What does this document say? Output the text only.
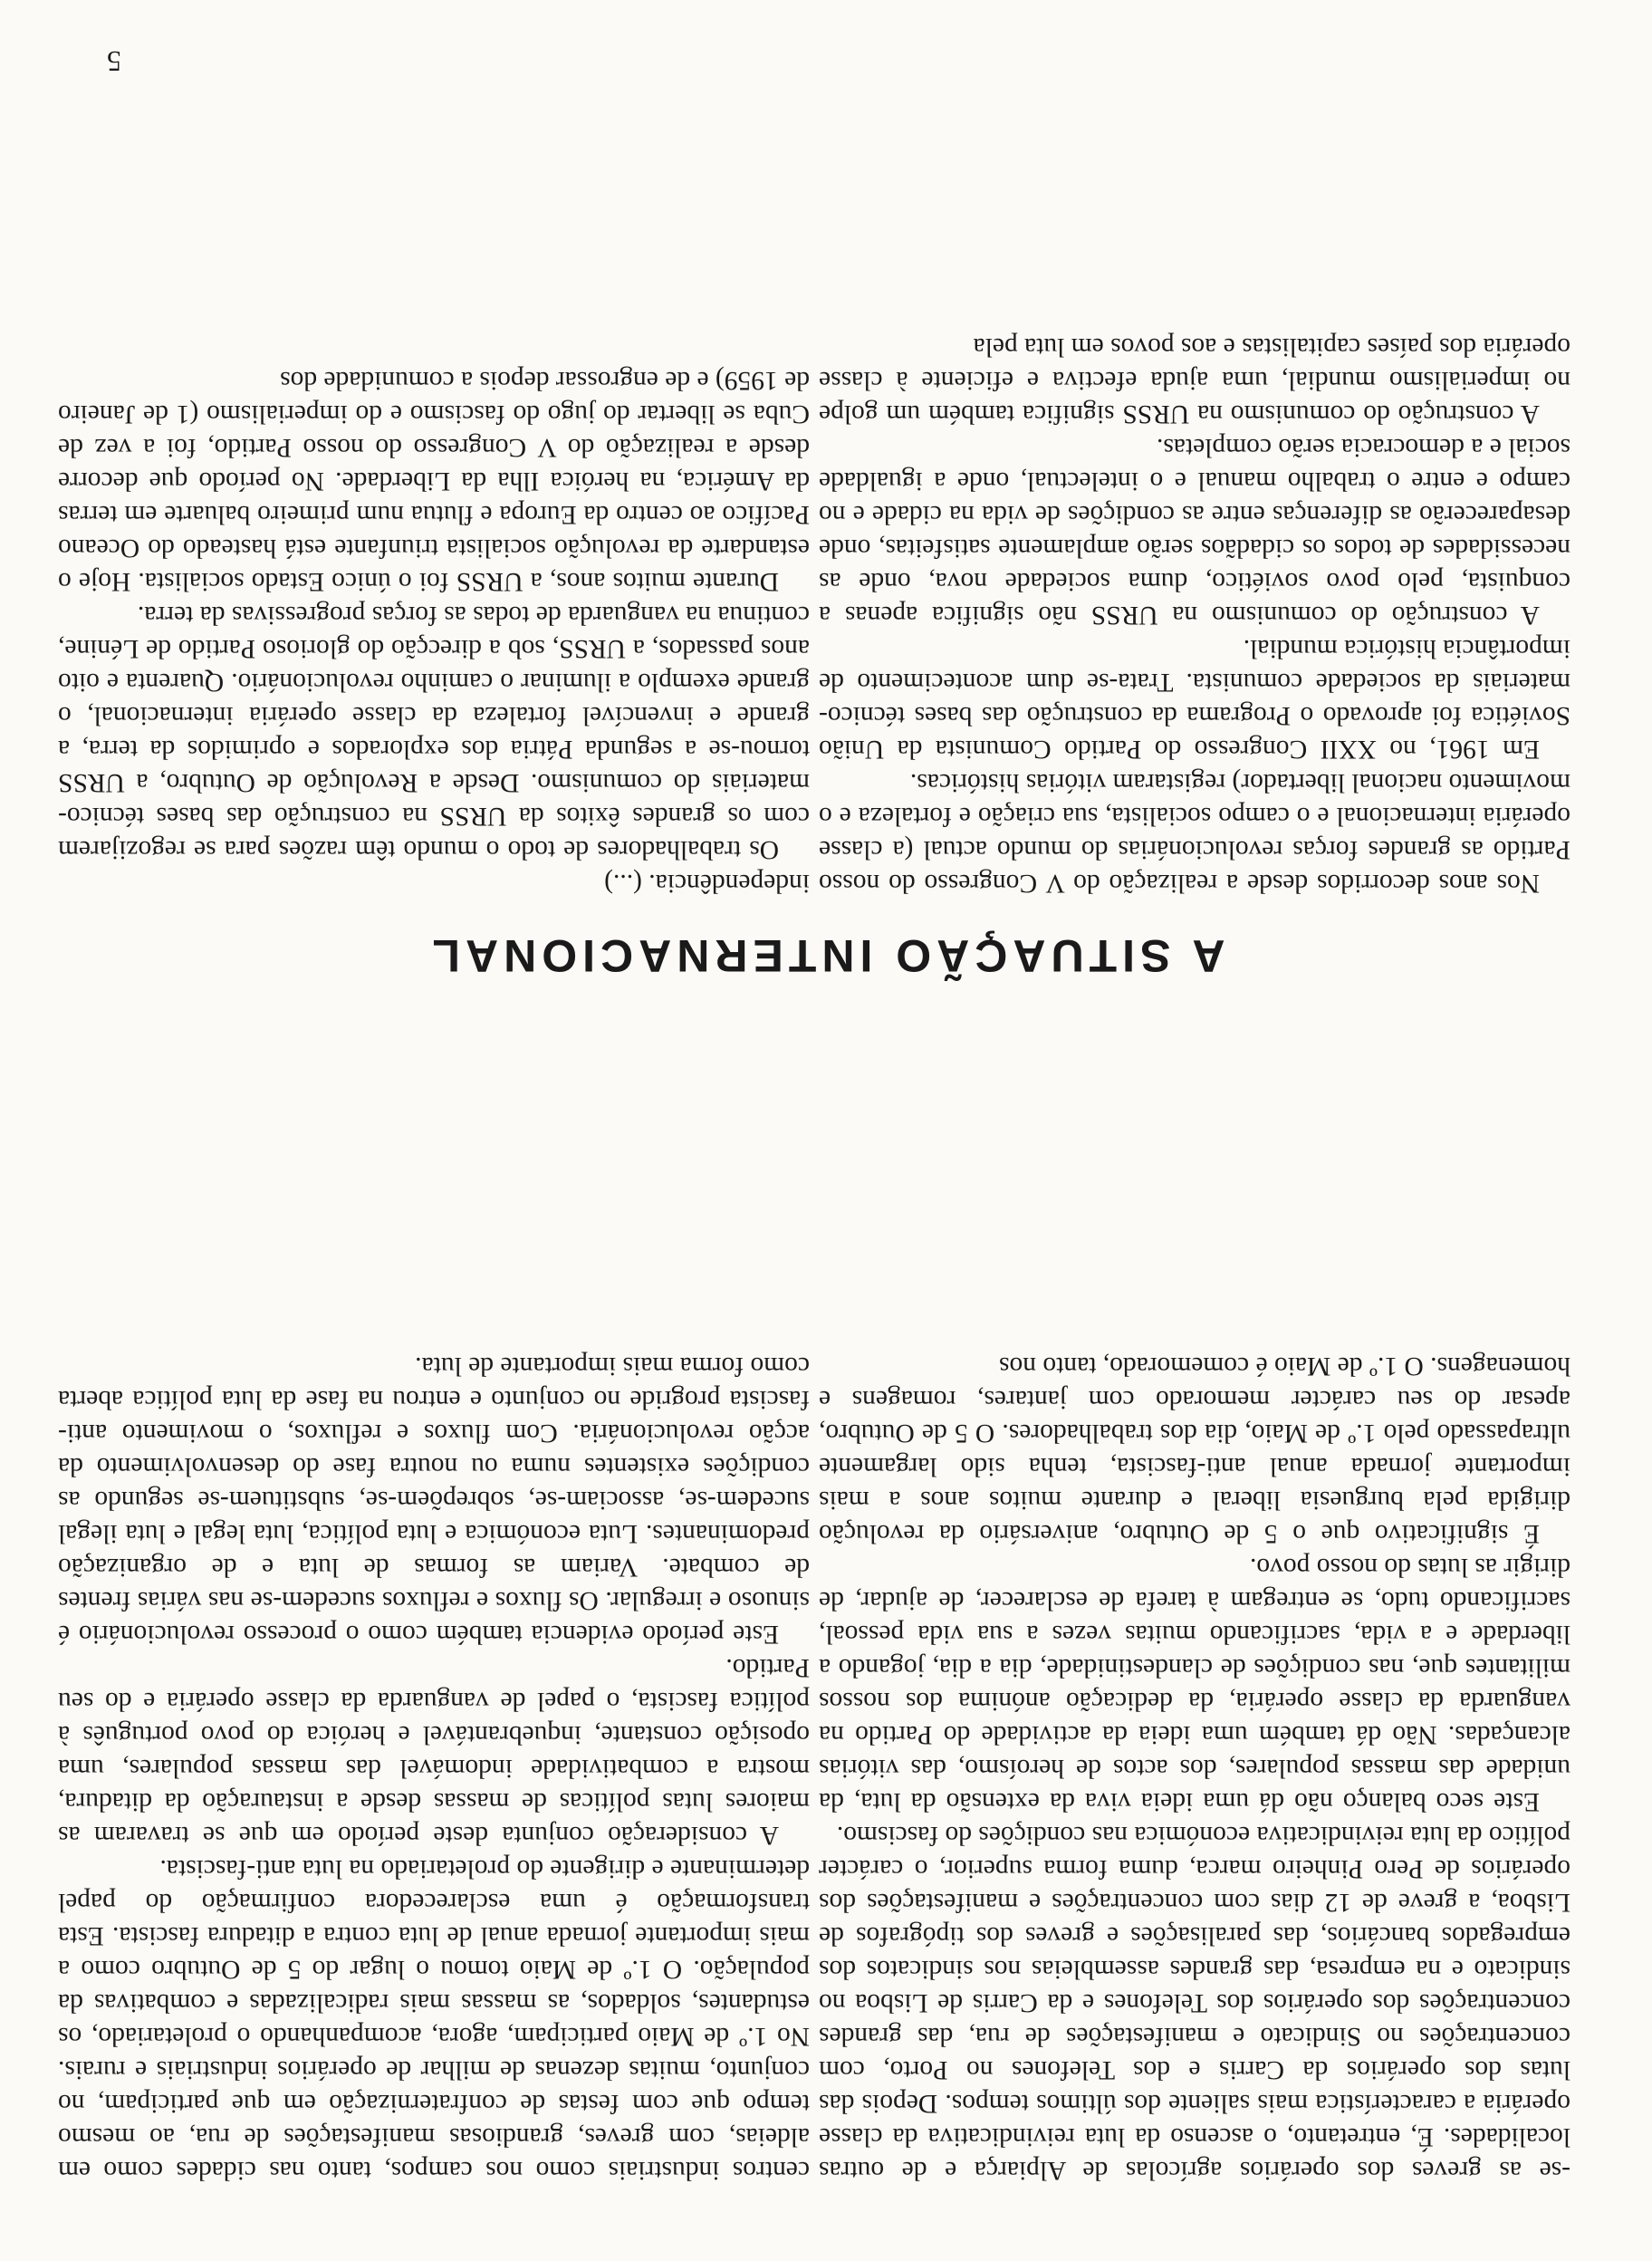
-se as greves dos operários agrícolas de Alpiarça e de outras localidades. É, entretanto, o ascenso da luta reivindicativa da classe operária a característica mais saliente dos últimos tempos. Depois das lutas dos operários da Carris e dos Telefones no Porto, com concentrações no Sindicato e manifestações de rua, das grandes concentrações dos operários dos Telefones e da Carris de Lisboa no sindicato e na empresa, das grandes assembleias nos sindicatos dos empregados bancários, das paralisações e greves dos tipógrafos de Lisboa, a greve de 12 dias com concentrações e manifestações dos operários de Pero Pinheiro marca, duma forma superior, o carácter político da luta reivindicativa económica nas condições do fascismo.

Este seco balanço não dá uma ideia viva da extensão da luta, da unidade das massas populares, dos actos de heroísmo, das vitórias alcançadas. Não dá também uma ideia da actividade do Partido na vanguarda da classe operária, da dedicação anónima dos nossos militantes que, nas condições de clandestinidade, dia a dia, jogando a liberdade e a vida, sacrificando muitas vezes a sua vida pessoal, sacrificando tudo, se entregam à tarefa de esclarecer, de ajudar, de dirigir as lutas do nosso povo.

É significativo que o 5 de Outubro, aniversário da revolução dirigida pela burguesia liberal e durante muitos anos a mais importante jornada anual anti-fascista, tenha sido largamente ultrapassado pelo 1.º de Maio, dia dos trabalhadores. O 5 de Outubro, apesar do seu carácter memorado com jantares, romagens e homenagens. O 1.º de Maio é comemorado, tanto nos

centros industriais como nos campos, tanto nas cidades como em aldeias, com greves, grandiosas manifestações de rua, ao mesmo tempo que com festas de confraternização em que participam, no conjunto, muitas dezenas de milhar de operários industriais e rurais. No 1.º de Maio participam, agora, acompanhando o proletariado, os estudantes, soldados, as massas mais radicalizadas e combativas da população. O 1.º de Maio tomou o lugar do 5 de Outubro como a mais importante jornada anual de luta contra a ditadura fascista. Esta transformação é uma esclarecedora confirmação do papel determinante e dirigente do proletariado na luta anti-fascista.

A consideração conjunta deste período em que se travaram as maiores lutas políticas de massas desde a instauração da ditadura, mostra a combatividade indomável das massas populares, uma oposição constante, inquebrantável e heróica do povo português à política fascista, o papel de vanguarda da classe operária e do seu Partido.

Este período evidencia também como o processo revolucionário é sinuoso e irregular. Os fluxos e refluxos sucedem-se nas várias frentes de combate. Variam as formas de luta e de organização predominantes. Luta económica e luta política, luta legal e luta ilegal sucedem-se, associam-se, sobrepõem-se, substituem-se segundo as condições existentes numa ou noutra fase do desenvolvimento da acção revolucionária. Com fluxos e refluxos, o movimento anti-fascista progride no conjunto e entrou na fase da luta política aberta como forma mais importante de luta.

A SITUAÇÃO INTERNACIONAL

Nos anos decorridos desde a realização do V Congresso do nosso Partido as grandes forças revolucionárias do mundo actual (a classe operária internacional e o campo socialista, sua criação e fortaleza e o movimento nacional libertador) registaram vitórias históricas.

Em 1961, no XXII Congresso do Partido Comunista da União Soviética foi aprovado o Programa da construção das bases técnico-materiais da sociedade comunista. Trata-se dum acontecimento de importância histórica mundial.

A construção do comunismo na URSS não significa apenas a conquista, pelo povo soviético, duma sociedade nova, onde as necessidades de todos os cidadãos serão amplamente satisfeitas, onde desaparecerão as diferenças entre as condições de vida na cidade e no campo e entre o trabalho manual e o intelectual, onde a igualdade social e a democracia serão completas.

A construção do comunismo na URSS significa também um golpe no imperialismo mundial, uma ajuda efectiva e eficiente à classe operária dos países capitalistas e aos povos em luta pela

independência. (...)

Os trabalhadores de todo o mundo têm razões para se regozijarem com os grandes êxitos da URSS na construção das bases técnico-materiais do comunismo. Desde a Revolução de Outubro, a URSS tornou-se a segunda Pátria dos explorados e oprimidos da terra, a grande e invencível fortaleza da classe operária internacional, o grande exemplo a iluminar o caminho revolucionário. Quarenta e oito anos passados, a URSS, sob a direcção do glorioso Partido de Lénine, continua na vanguarda de todas as forças progressivas da terra.

Durante muitos anos, a URSS foi o único Estado socialista. Hoje o estandarte da revolução socialista triunfante está hasteado do Oceano Pacífico ao centro da Europa e flutua num primeiro baluarte em terras da América, na heróica Ilha da Liberdade. No período que decorre desde a realização do V Congresso do nosso Partido, foi a vez de Cuba se libertar do jugo do fascismo e do imperialismo (1 de Janeiro de 1959) e de engrossar depois a comunidade dos

5
